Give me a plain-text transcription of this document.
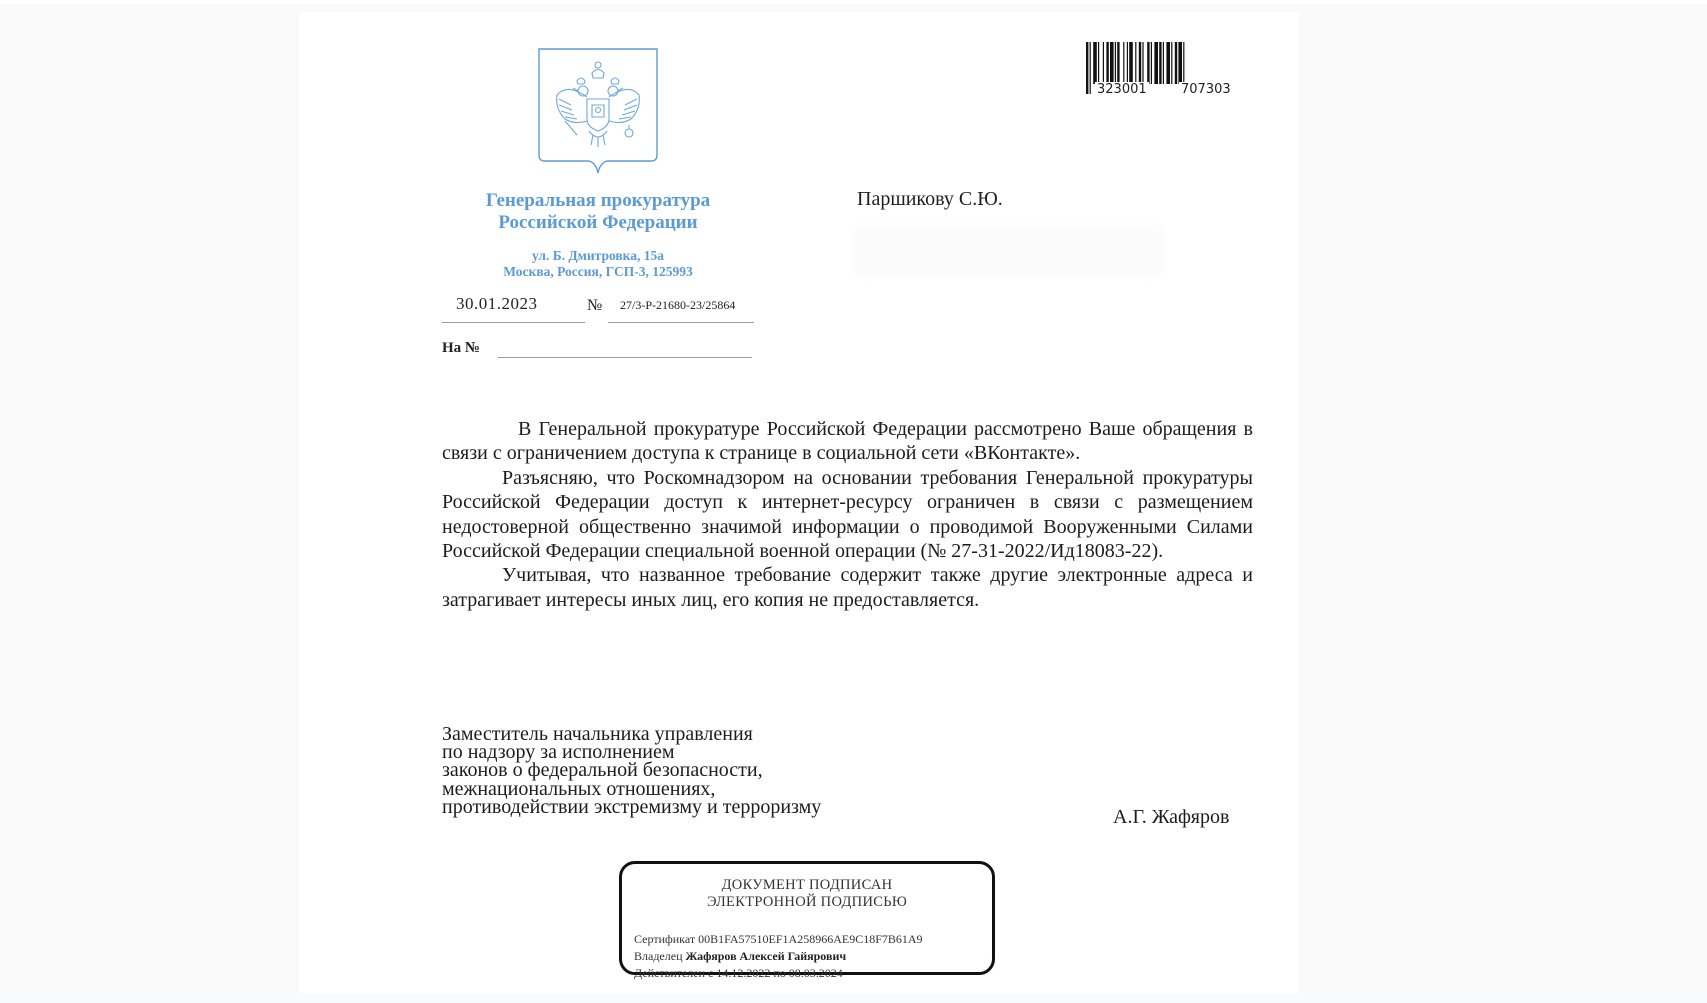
Генеральная прокуратура
Российской Федерации
ул. Б. Дмитровка, 15а
Москва, Россия, ГСП-3, 125993
30.01.2023	№ 27/3-Р-21680-23/25864
На №
323001	707303
Паршикову С.Ю.

В Генеральной прокуратуре Российской Федерации рассмотрено Ваше обращения в связи с ограничением доступа к странице в социальной сети «ВКонтакте».

Разъясняю, что Роскомнадзором на основании требования Генеральной прокуратуры Российской Федерации доступ к интернет-ресурсу ограничен в связи с размещением недостоверной общественно значимой информации о проводимой Вооруженными Силами Российской Федерации специальной военной операции (№ 27-31-2022/Ид18083-22).

Учитывая, что названное требование содержит также другие электронные адреса и затрагивает интересы иных лиц, его копия не предоставляется.

Заместитель начальника управления
по надзору за исполнением
законов о федеральной безопасности,
межнациональных отношениях,
противодействии экстремизму и терроризму	А.Г. Жафяров
ДОКУМЕНТ ПОДПИСАН
ЭЛЕКТРОННОЙ ПОДПИСЬЮ
Сертификат 00B1FA57510EF1A258966AE9C18F7B61A9
Владелец Жафяров Алексей Гайярович
Действителен с 14.12.2022 по 08.03.2024
